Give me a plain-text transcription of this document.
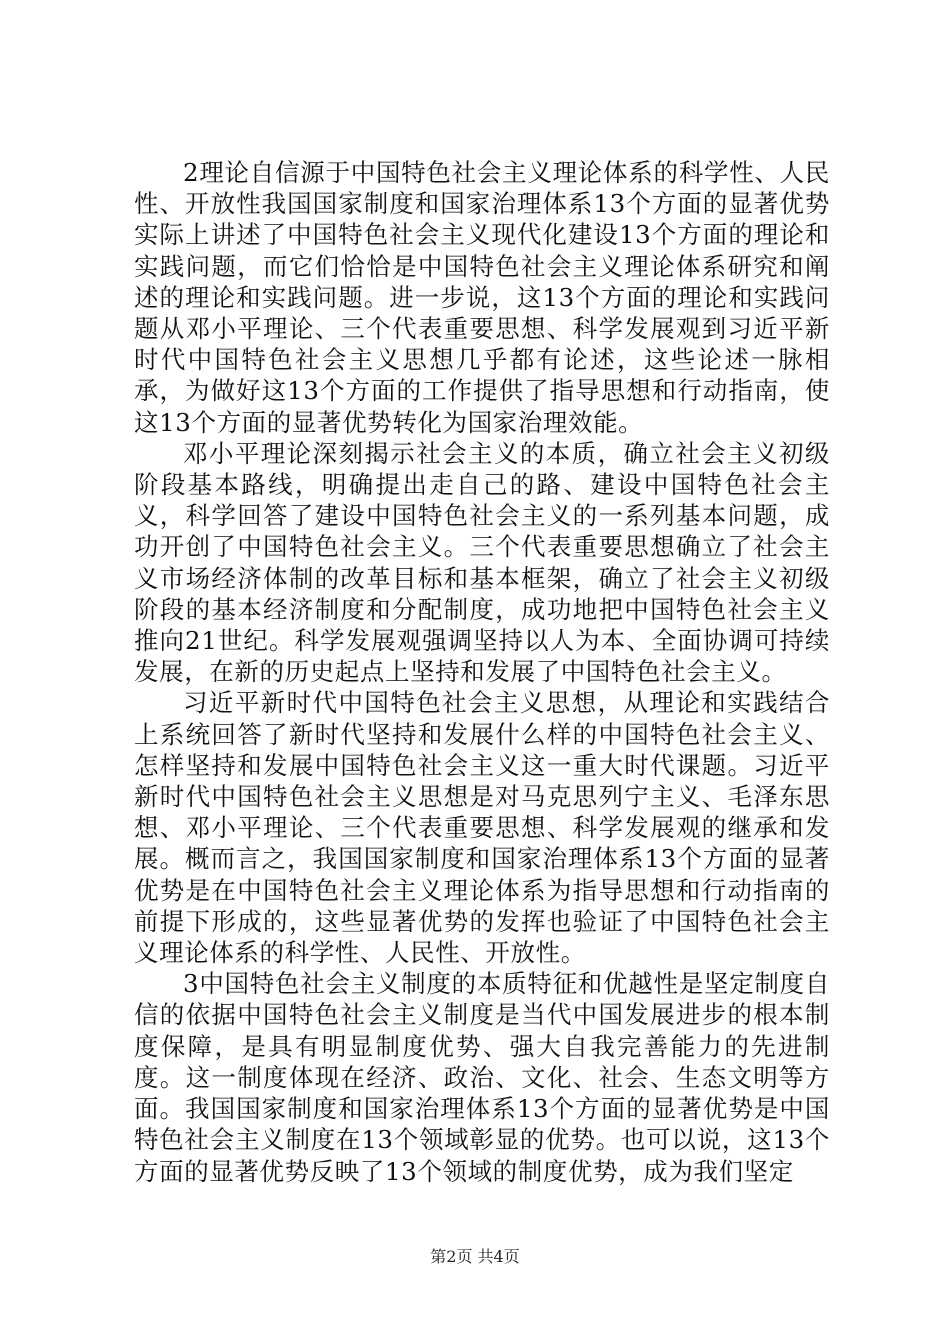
2理论自信源于中国特色社会主义理论体系的科学性、人民性、开放性我国国家制度和国家治理体系13个方面的显著优势实际上讲述了中国特色社会主义现代化建设13个方面的理论和实践问题，而它们恰恰是中国特色社会主义理论体系研究和阐述的理论和实践问题。进一步说，这13个方面的理论和实践问题从邓小平理论、三个代表重要思想、科学发展观到习近平新时代中国特色社会主义思想几乎都有论述，这些论述一脉相承，为做好这13个方面的工作提供了指导思想和行动指南，使这13个方面的显著优势转化为国家治理效能。

邓小平理论深刻揭示社会主义的本质，确立社会主义初级阶段基本路线，明确提出走自己的路、建设中国特色社会主义，科学回答了建设中国特色社会主义的一系列基本问题，成功开创了中国特色社会主义。三个代表重要思想确立了社会主义市场经济体制的改革目标和基本框架，确立了社会主义初级阶段的基本经济制度和分配制度，成功地把中国特色社会主义推向21世纪。科学发展观强调坚持以人为本、全面协调可持续发展，在新的历史起点上坚持和发展了中国特色社会主义。

习近平新时代中国特色社会主义思想，从理论和实践结合上系统回答了新时代坚持和发展什么样的中国特色社会主义、怎样坚持和发展中国特色社会主义这一重大时代课题。习近平新时代中国特色社会主义思想是对马克思列宁主义、毛泽东思想、邓小平理论、三个代表重要思想、科学发展观的继承和发展。概而言之，我国国家制度和国家治理体系13个方面的显著优势是在中国特色社会主义理论体系为指导思想和行动指南的前提下形成的，这些显著优势的发挥也验证了中国特色社会主义理论体系的科学性、人民性、开放性。

3中国特色社会主义制度的本质特征和优越性是坚定制度自信的依据中国特色社会主义制度是当代中国发展进步的根本制度保障，是具有明显制度优势、强大自我完善能力的先进制度。这一制度体现在经济、政治、文化、社会、生态文明等方面。我国国家制度和国家治理体系13个方面的显著优势是中国特色社会主义制度在13个领域彰显的优势。也可以说，这13个方面的显著优势反映了13个领域的制度优势，成为我们坚定

第2页 共4页
